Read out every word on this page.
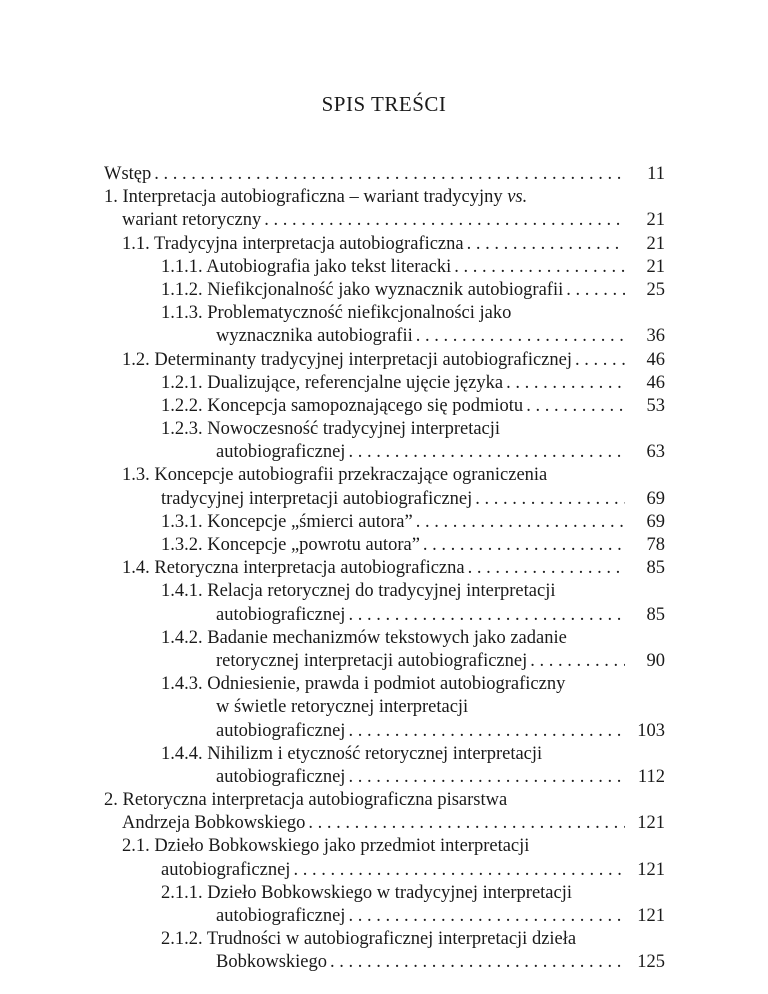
SPIS TREŚCI
Wstęp . . .	11
1. Interpretacja autobiograficzna – wariant tradycyjny vs.
wariant retoryczny . . .	21
1.1. Tradycyjna interpretacja autobiograficzna . . .	21
1.1.1. Autobiografia jako tekst literacki . . .	21
1.1.2. Niefikcjonalność jako wyznacznik autobiografii . . .	25
1.1.3. Problematyczność niefikcjonalności jako
wyznacznika autobiografii . . .	36
1.2. Determinanty tradycyjnej interpretacji autobiograficznej . . .	46
1.2.1. Dualizujące, referencjalne ujęcie języka . . .	46
1.2.2. Koncepcja samopoznającego się podmiotu . . .	53
1.2.3. Nowoczesność tradycyjnej interpretacji
autobiograficznej . . .	63
1.3. Koncepcje autobiografii przekraczające ograniczenia
tradycyjnej interpretacji autobiograficznej . . .	69
1.3.1. Koncepcje „śmierci autora” . . .	69
1.3.2. Koncepcje „powrotu autora” . . .	78
1.4. Retoryczna interpretacja autobiograficzna . . .	85
1.4.1. Relacja retorycznej do tradycyjnej interpretacji
autobiograficznej . . .	85
1.4.2. Badanie mechanizmów tekstowych jako zadanie
retorycznej interpretacji autobiograficznej . . .	90
1.4.3. Odniesienie, prawda i podmiot autobiograficzny
w świetle retorycznej interpretacji
autobiograficznej . . .	103
1.4.4. Nihilizm i etyczność retorycznej interpretacji
autobiograficznej . . .	112
2. Retoryczna interpretacja autobiograficzna pisarstwa
Andrzeja Bobkowskiego . . .	121
2.1. Dzieło Bobkowskiego jako przedmiot interpretacji
autobiograficznej . . .	121
2.1.1. Dzieło Bobkowskiego w tradycyjnej interpretacji
autobiograficznej . . .	121
2.1.2. Trudności w autobiograficznej interpretacji dzieła
Bobkowskiego . . .	125
